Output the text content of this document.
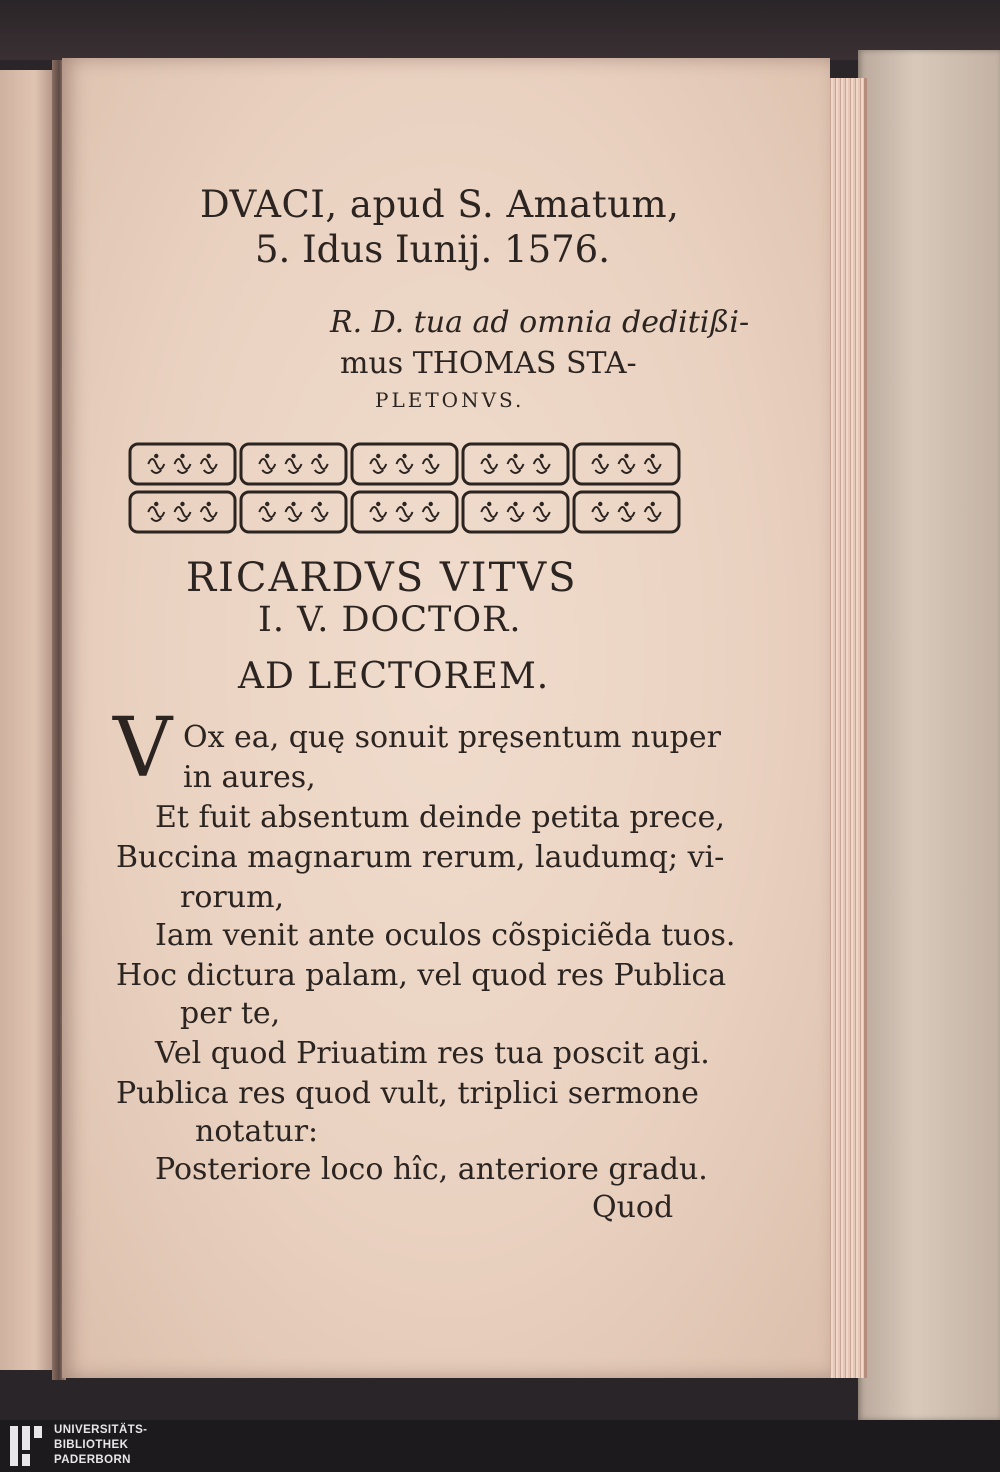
DVACI, apud S. Amatum,
5. Idus Iunij. 1576.
R. D. tua ad omnia deditißi-
mus THOMAS STA-
PLETONVS.
RICARDVS VITVS
I. V. DOCTOR.
AD LECTOREM.
V Ox ea, quę sonuit pręsentum nuper
in aures,
Et fuit absentum deinde petita prece,
Buccina magnarum rerum, laudumq; vi-
rorum,
Iam venit ante oculos cõspiciẽda tuos.
Hoc dictura palam, vel quod res Publica
per te,
Vel quod Priuatim res tua poscit agi.
Publica res quod vult, triplici sermone
notatur:
Posteriore loco hîc, anteriore gradu.
Quod
UNIVERSITÄTS-
BIBLIOTHEK
PADERBORN
